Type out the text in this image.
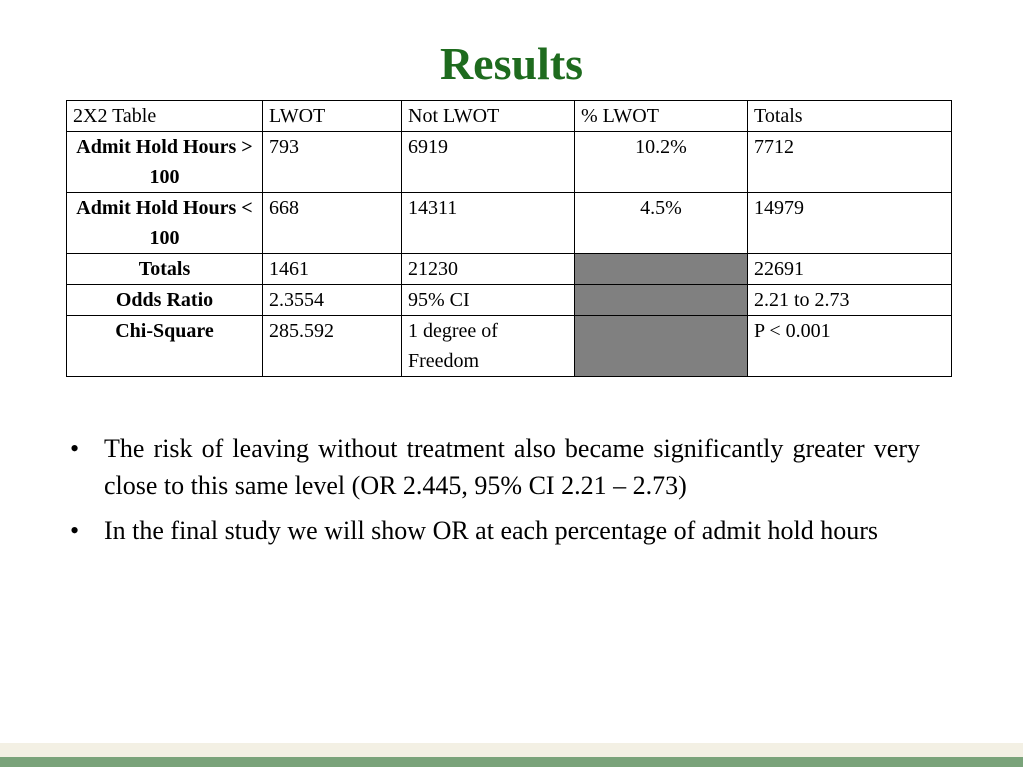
Results
2X2 Table	LWOT	Not LWOT	% LWOT	Totals
Admit Hold Hours > 100	793	6919	10.2%	7712
Admit Hold Hours < 100	668	14311	4.5%	14979
Totals	1461	21230		22691
Odds Ratio	2.3554	95% CI		2.21 to 2.73
Chi-Square	285.592	1 degree of Freedom		P < 0.001
• The risk of leaving without treatment also became significantly greater very close to this same level (OR 2.445, 95% CI 2.21 – 2.73)
• In the final study we will show OR at each percentage of admit hold hours
